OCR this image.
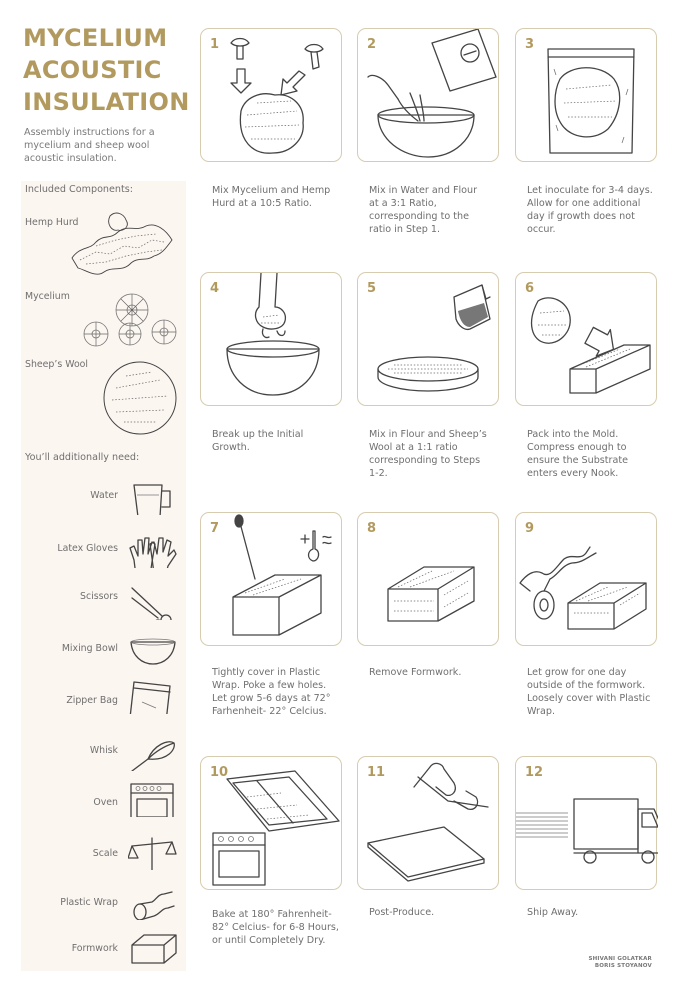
MYCELIUM
ACOUSTIC
INSULATION
Assembly instructions for a mycelium and sheep wool acoustic insulation.
Included Components:
Hemp Hurd
Mycelium
Sheep’s Wool
You’ll additionally need:
Water
Latex Gloves
Scissors
Mixing Bowl
Zipper Bag
Whisk
Oven
Scale
Plastic Wrap
Formwork
1
Mix Mycelium and Hemp Hurd at a 10:5 Ratio.
2
Mix in Water and Flour at a 3:1 Ratio, corresponding to the ratio in Step 1.
3
Let inoculate for 3-4 days. Allow for one additional day if growth does not occur.
4
Break up the Initial Growth.
5
Mix in Flour and Sheep’s Wool at a 1:1 ratio corresponding to Steps 1-2.
6
Pack into the Mold. Compress enough to ensure the Substrate enters every Nook.
7
Tightly cover in Plastic Wrap. Poke a few holes. Let grow 5-6 days at 72° Farhenheit- 22° Celcius.
8
Remove Formwork.
9
Let grow for one day outside of the formwork. Loosely cover with Plastic Wrap.
10
Bake at 180° Fahrenheit- 82° Celcius- for 6-8 Hours, or until Completely Dry.
11
Post-Produce.
12
Ship Away.
SHIVANI GOLATKAR
BORIS STOYANOV
